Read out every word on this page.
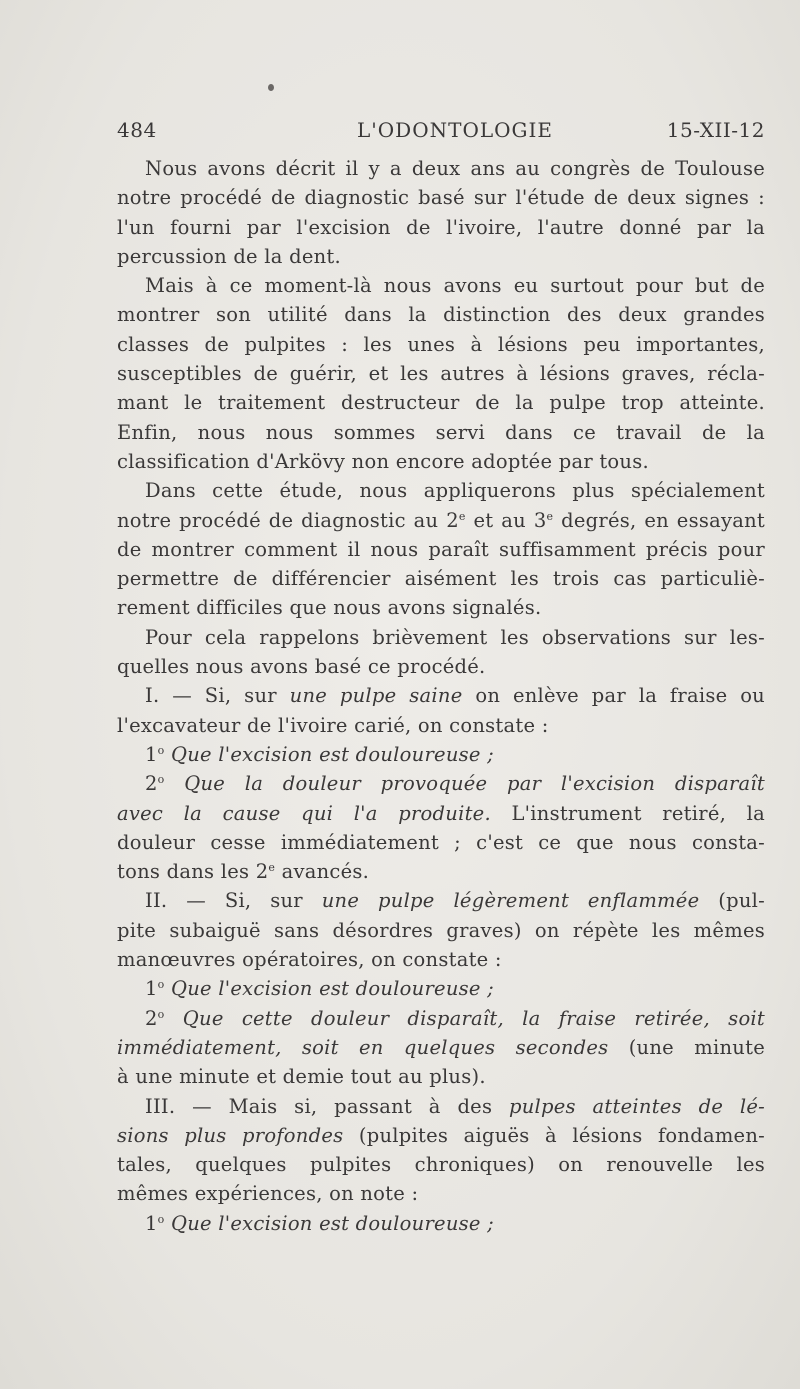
484	L'ODONTOLOGIE	15-XII-12
Nous avons décrit il y a deux ans au congrès de Toulouse
notre procédé de diagnostic basé sur l'étude de deux signes :
l'un fourni par l'excision de l'ivoire, l'autre donné par la
percussion de la dent.
Mais à ce moment-là nous avons eu surtout pour but de
montrer son utilité dans la distinction des deux grandes
classes de pulpites : les unes à lésions peu importantes,
susceptibles de guérir, et les autres à lésions graves, récla-
mant le traitement destructeur de la pulpe trop atteinte.
Enfin, nous nous sommes servi dans ce travail de la
classification d'Arkövy non encore adoptée par tous.
Dans cette étude, nous appliquerons plus spécialement
notre procédé de diagnostic au 2e et au 3e degrés, en essayant
de montrer comment il nous paraît suffisamment précis pour
permettre de différencier aisément les trois cas particuliè-
rement difficiles que nous avons signalés.
Pour cela rappelons brièvement les observations sur les-
quelles nous avons basé ce procédé.
I. — Si, sur une pulpe saine on enlève par la fraise ou
l'excavateur de l'ivoire carié, on constate :
1$^o$ Que l'excision est douloureuse ;
2$^o$ Que la douleur provoquée par l'excision disparaît
avec la cause qui l'a produite. L'instrument retiré, la
douleur cesse immédiatement ; c'est ce que nous consta-
tons dans les 2e avancés.
II. — Si, sur une pulpe légèrement enflammée (pul-
pite subaiguë sans désordres graves) on répète les mêmes
manœuvres opératoires, on constate :
1$^o$ Que l'excision est douloureuse ;
2$^o$ Que cette douleur disparaît, la fraise retirée, soit
immédiatement, soit en quelques secondes (une minute
à une minute et demie tout au plus).
III. — Mais si, passant à des pulpes atteintes de lé-
sions plus profondes (pulpites aiguës à lésions fondamen-
tales, quelques pulpites chroniques) on renouvelle les
mêmes expériences, on note :
1$^o$ Que l'excision est douloureuse ;
